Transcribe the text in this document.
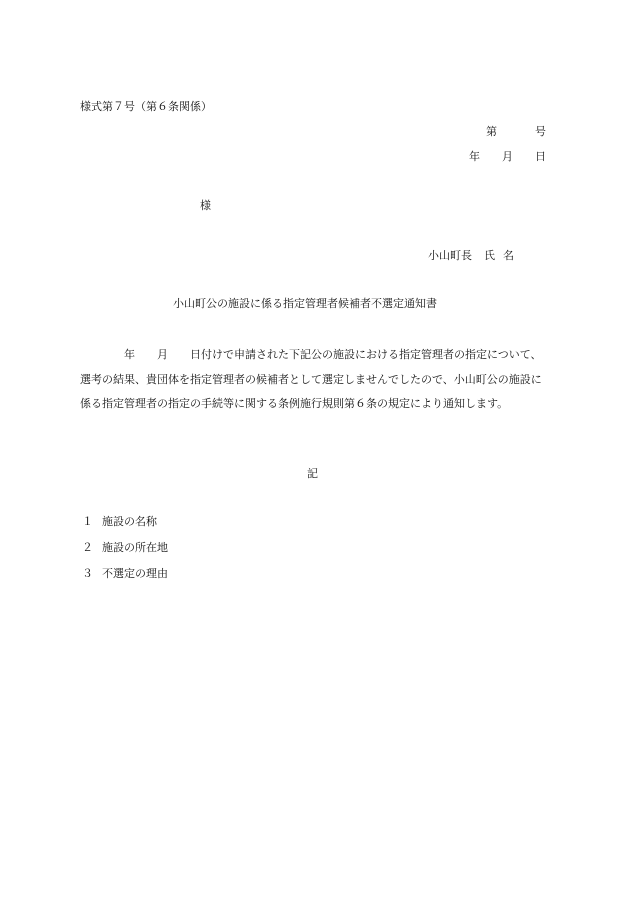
様式第７号（第６条関係）
第	号
年 月 日
様
小山町長 氏 名
小山町公の施設に係る指定管理者候補者不選定通知書
年 月 日付けで申請された下記公の施設における指定管理者の指定について、選考の結果、貴団体を指定管理者の候補者として選定しませんでしたので、小山町公の施設に係る指定管理者の指定の手続等に関する条例施行規則第６条の規定により通知します。
記
１ 施設の名称
２ 施設の所在地
３ 不選定の理由
